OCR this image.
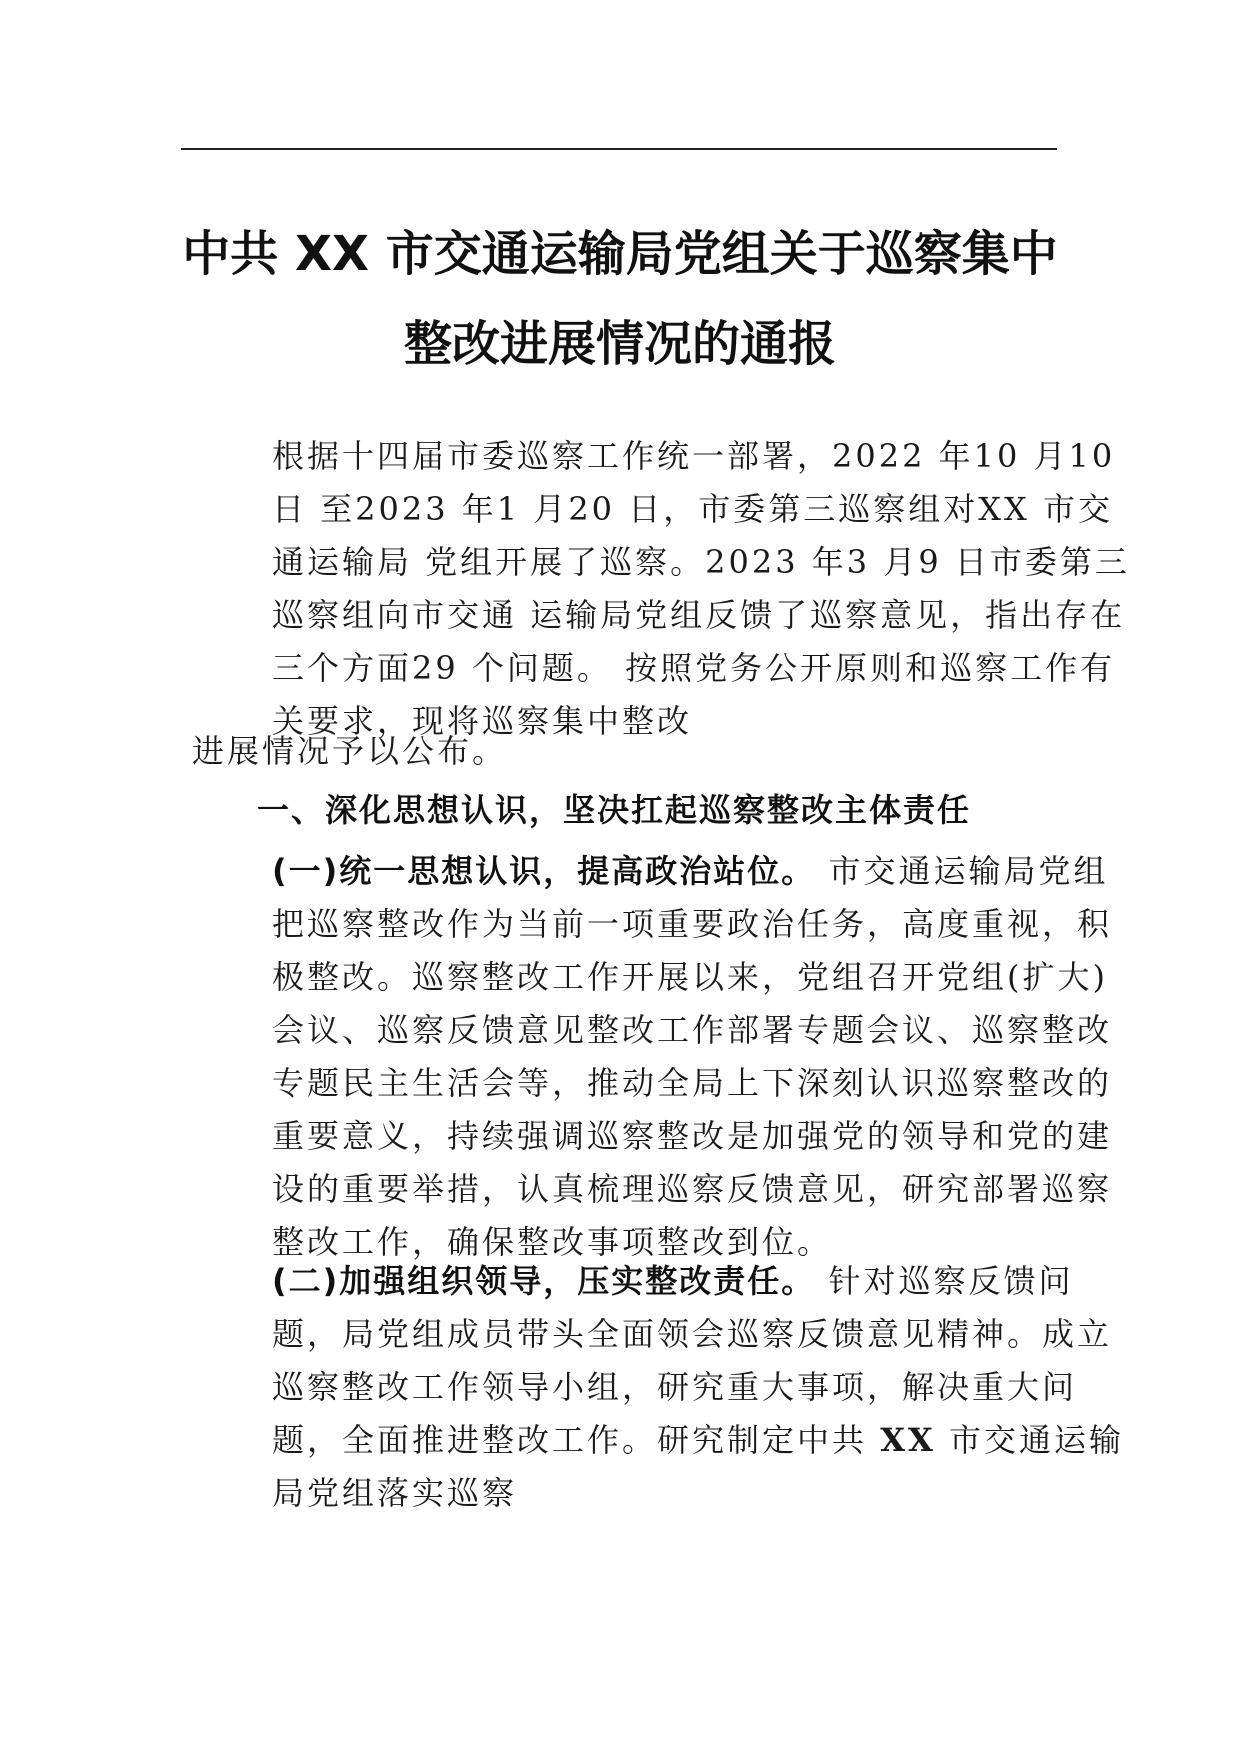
中共 XX 市交通运输局党组关于巡察集中
整改进展情况的通报

根据十四届市委巡察工作统一部署，2022 年10 月10 日 至2023 年1 月20 日，市委第三巡察组对XX 市交通运输局 党组开展了巡察。2023 年3 月9 日市委第三巡察组向市交通 运输局党组反馈了巡察意见，指出存在三个方面29 个问题。 按照党务公开原则和巡察工作有关要求，现将巡察集中整改

进展情况予以公布。

一、深化思想认识，坚决扛起巡察整改主体责任

(一)统一思想认识，提高政治站位。 市交通运输局党组把巡察整改作为当前一项重要政治任务，高度重视，积极整改。巡察整改工作开展以来，党组召开党组(扩大)会议、巡察反馈意见整改工作部署专题会议、巡察整改专题民主生活会等，推动全局上下深刻认识巡察整改的重要意义，持续强调巡察整改是加强党的领导和党的建设的重要举措，认真梳理巡察反馈意见，研究部署巡察整改工作，确保整改事项整改到位。

(二)加强组织领导，压实整改责任。 针对巡察反馈问题，局党组成员带头全面领会巡察反馈意见精神。成立巡察整改工作领导小组，研究重大事项，解决重大问题，全面推进整改工作。研究制定中共 XX 市交通运输局党组落实巡察
